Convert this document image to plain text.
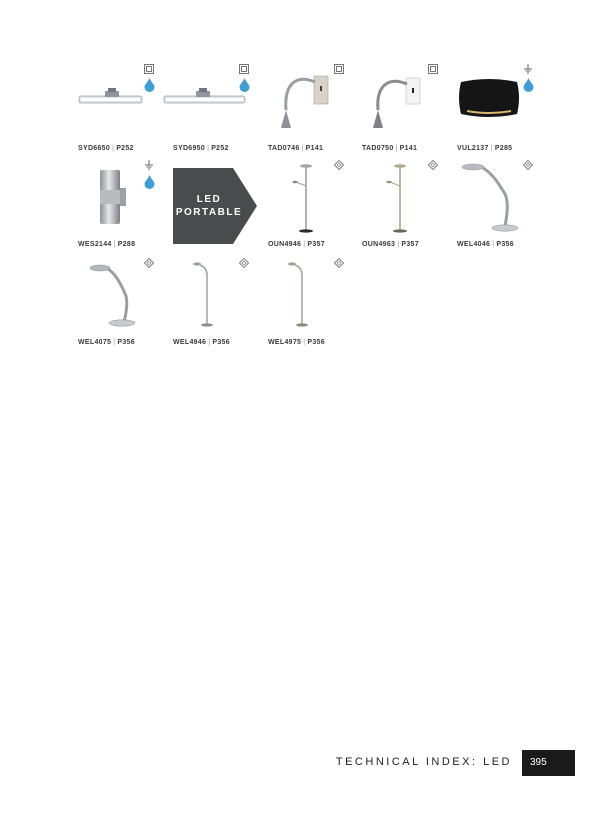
SYD6650 | P252	SYD6950 | P252	TAD0746 | P141	TAD0750 | P141	VUL2137 | P285
WES2144 | P288
LED
PORTABLE
OUN4946 | P357	OUN4963 | P357	WEL4046 | P356
WEL4075 | P356	WEL4946 | P356	WEL4975 | P356
TECHNICAL INDEX: LED	395
